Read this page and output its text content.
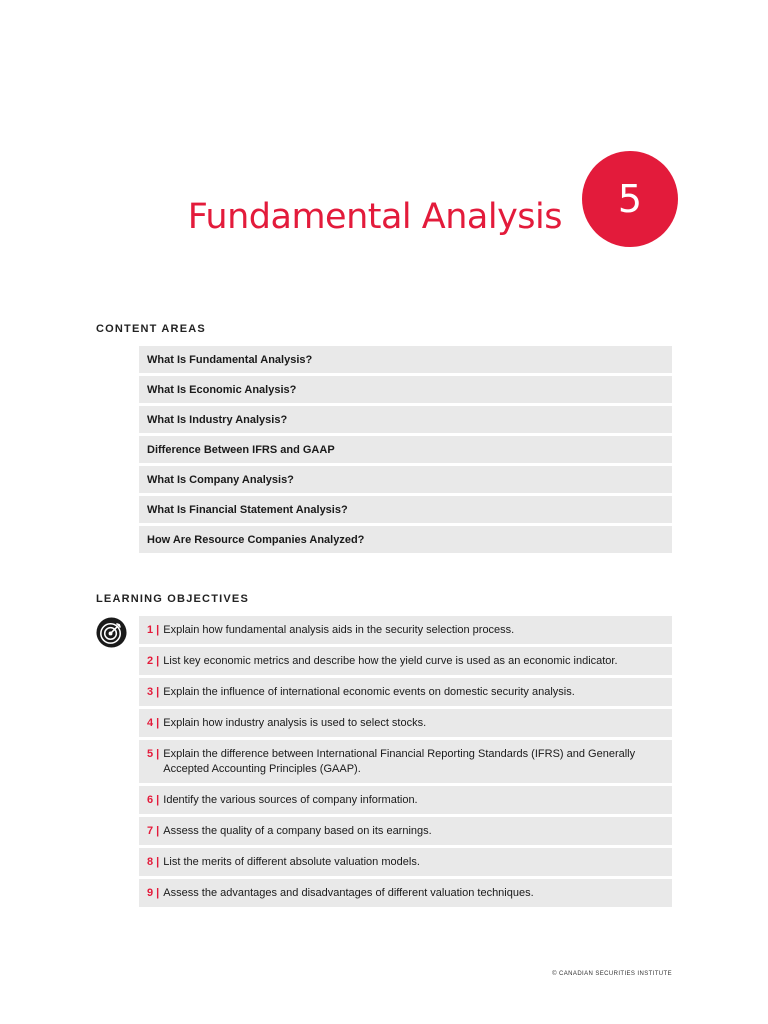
Fundamental Analysis 5
CONTENT AREAS
What Is Fundamental Analysis?
What Is Economic Analysis?
What Is Industry Analysis?
Difference Between IFRS and GAAP
What Is Company Analysis?
What Is Financial Statement Analysis?
How Are Resource Companies Analyzed?
LEARNING OBJECTIVES
1 | Explain how fundamental analysis aids in the security selection process.
2 | List key economic metrics and describe how the yield curve is used as an economic indicator.
3 | Explain the influence of international economic events on domestic security analysis.
4 | Explain how industry analysis is used to select stocks.
5 | Explain the difference between International Financial Reporting Standards (IFRS) and Generally Accepted Accounting Principles (GAAP).
6 | Identify the various sources of company information.
7 | Assess the quality of a company based on its earnings.
8 | List the merits of different absolute valuation models.
9 | Assess the advantages and disadvantages of different valuation techniques.
© CANADIAN SECURITIES INSTITUTE
